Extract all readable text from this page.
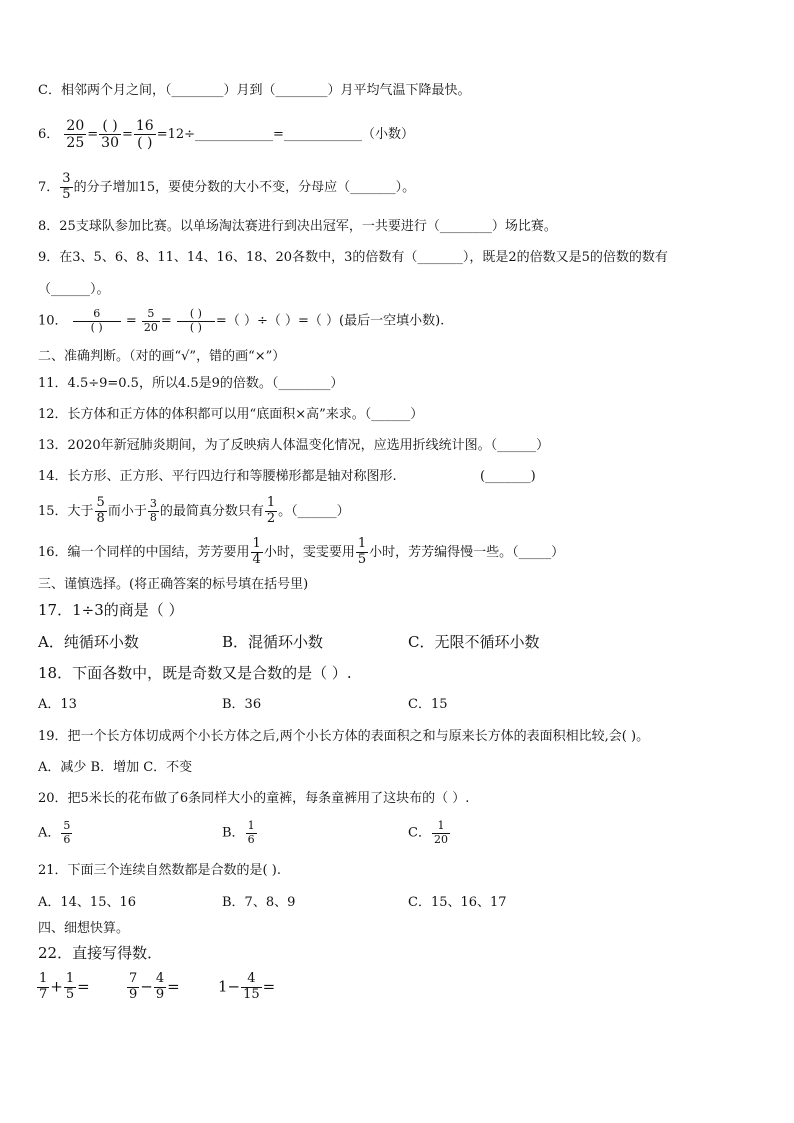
C．相邻两个月之间，（________）月到（________）月平均气温下降最快。
6． $\frac{20}{25} = \frac{( )}{30} = \frac{16}{( )}$ =12÷____________=____________（小数）
7． $\frac{3}{5}$ 的分子增加15，要使分数的大小不变，分母应（_______）。
8．25支球队参加比赛。以单场淘汰赛进行到决出冠军，一共要进行（________）场比赛。
9．在3、5、6、8、11、14、16、18、20各数中，3的倍数有（_______），既是2的倍数又是5的倍数的数有
（______）。
10． $\frac{6}{( )} = \frac{5}{20} = \frac{( )}{( )}$ =（ ）÷（ ）=（ ）(最后一空填小数).
二、准确判断。（对的画“√”，错的画“×”）
11．4.5÷9=0.5，所以4.5是9的倍数。（________）
12．长方体和正方体的体积都可以用“底面积×高”来求。（______）
13．2020年新冠肺炎期间，为了反映病人体温变化情况，应选用折线统计图。（______）
14．长方形、正方形、平行四边行和等腰梯形都是轴对称图形.	(_______)
15．大于 $\frac{5}{8}$ 而小于 $\frac{3}{8}$ 的最简真分数只有 $\frac{1}{2}$ 。（______）
16．编一个同样的中国结，芳芳要用 $\frac{1}{4}$ 小时，雯雯要用 $\frac{1}{5}$ 小时，芳芳编得慢一些。（_____）
三、谨慎选择。(将正确答案的标号填在括号里)
17．1÷3的商是（ ）
A．纯循环小数	B．混循环小数	C．无限不循环小数
18．下面各数中，既是奇数又是合数的是（ ）.
A．13	B．36	C．15
19．把一个长方体切成两个小长方体之后,两个小长方体的表面积之和与原来长方体的表面积相比较,会( )。
A．减少 B．增加 C．不变
20．把5米长的花布做了6条同样大小的童裤，每条童裤用了这块布的（ ）.
A． $\frac{5}{6}$	B． $\frac{1}{6}$	C． $\frac{1}{20}$
21．下面三个连续自然数都是合数的是( ).
A．14、15、16	B．7、8、9	C．15、16、17
四、细想快算。
22．直接写得数．
$\frac{1}{7} + \frac{1}{5}$ =	$\frac{7}{9} - \frac{4}{9}$ =	$1- \frac{4}{15}$ =
